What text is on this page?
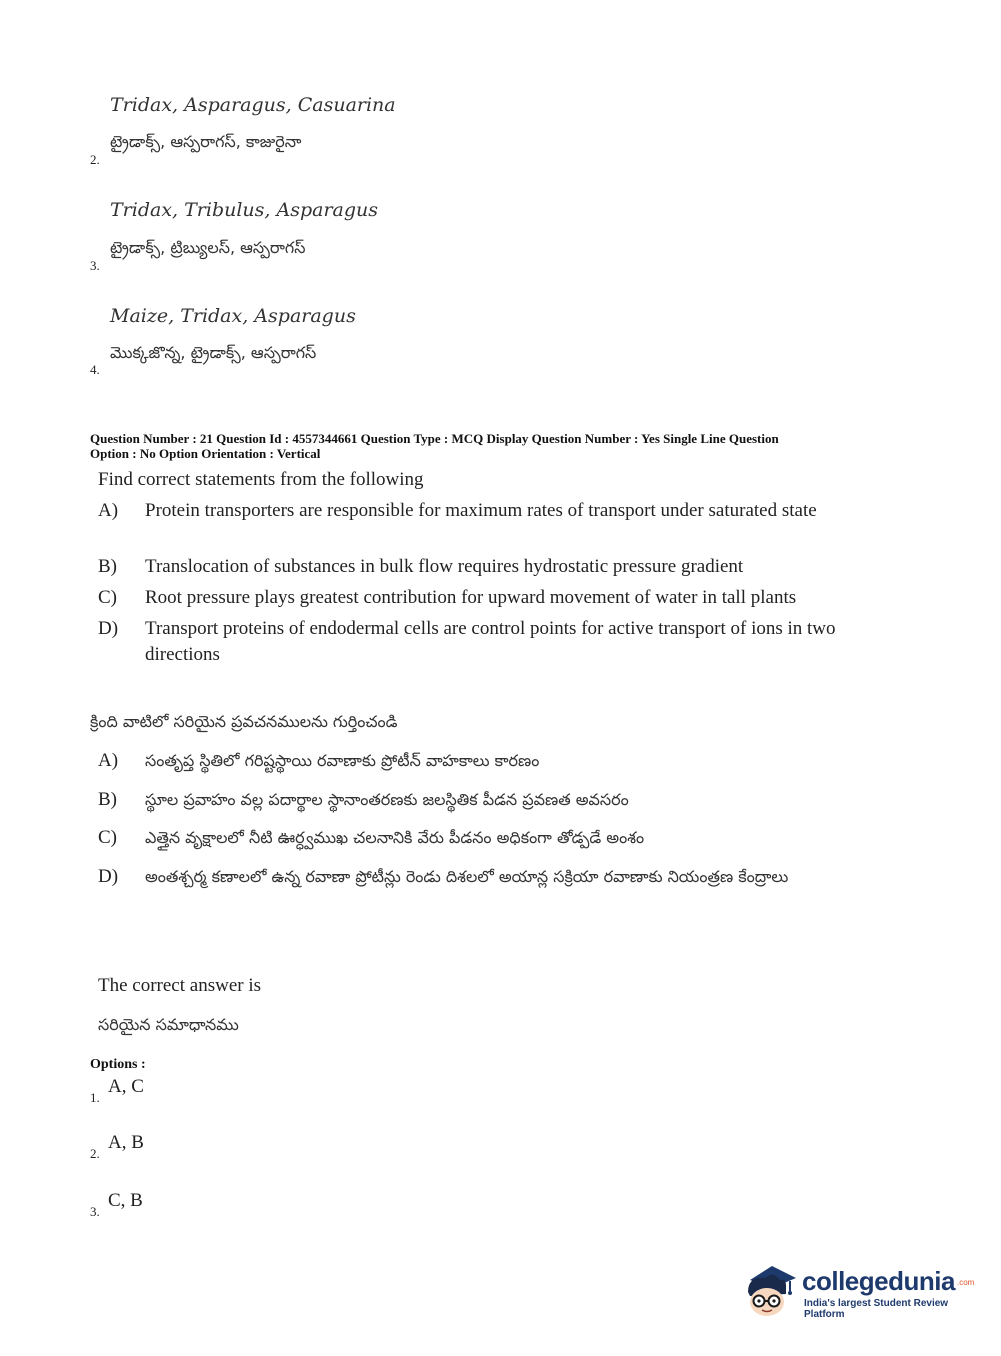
Tridax, Asparagus, Casuarina
ట్రైడాక్స్, ఆస్పరాగస్, కాజురైనా
2.
Tridax, Tribulus, Asparagus
ట్రైడాక్స్, ట్రిబ్యులస్, ఆస్పరాగస్
3.
Maize, Tridax, Asparagus
మొక్కజొన్న, ట్రైడాక్స్, ఆస్పరాగస్
4.
Question Number : 21 Question Id : 4557344661 Question Type : MCQ Display Question Number : Yes Single Line Question
Option : No Option Orientation : Vertical
Find correct statements from the following
A) Protein transporters are responsible for maximum rates of transport under saturated state
B) Translocation of substances in bulk flow requires hydrostatic pressure gradient
C) Root pressure plays greatest contribution for upward movement of water in tall plants
D) Transport proteins of endodermal cells are control points for active transport of ions in two directions
క్రింది వాటిలో సరియైన ప్రవచనములను గుర్తించండి
A) సంతృప్త స్థితిలో గరిష్టస్థాయి రవాణాకు ప్రోటీన్ వాహకాలు కారణం
B) స్థూల ప్రవాహం వల్ల పదార్థాల స్థానాంతరణకు జలస్థితిక పీడన ప్రవణత అవసరం
C) ఎత్తైన వృక్షాలలో నీటి ఊర్ధ్వముఖ చలనానికి వేరు పీడనం అధికంగా తోడ్పడే అంశం
D) అంతశ్చర్మ కణాలలో ఉన్న రవాణా ప్రోటీన్లు రెండు దిశలలో అయాన్ల సక్రియా రవాణాకు నియంత్రణ కేంద్రాలు
The correct answer is
సరియైన సమాధానము
Options :
1.
A, C
2.
A, B
3.
C, B
collegedunia .com
India's largest Student Review Platform
